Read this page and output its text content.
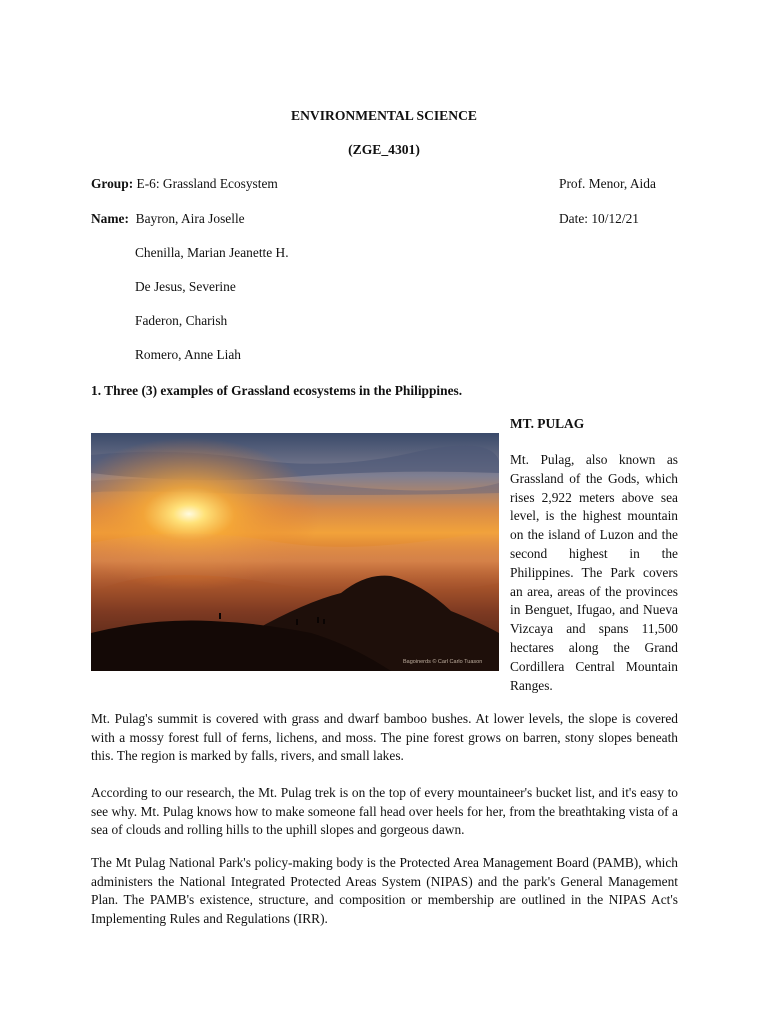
ENVIRONMENTAL SCIENCE
(ZGE_4301)
Group: E-6: Grassland Ecosystem	Prof. Menor, Aida
Name: Bayron, Aira Joselle	Date: 10/12/21
Chenilla, Marian Jeanette H.
De Jesus, Severine
Faderon, Charish
Romero, Anne Liah
1. Three (3) examples of Grassland ecosystems in the Philippines.
MT. PULAG
Bagoinerds © Carl Carlo Tuason
Mt. Pulag, also known as Grassland of the Gods, which rises 2,922 meters above sea level, is the highest mountain on the island of Luzon and the second highest in the Philippines. The Park covers an area, areas of the provinces in Benguet, Ifugao, and Nueva Vizcaya and spans 11,500 hectares along the Grand Cordillera Central Mountain Ranges.
Mt. Pulag's summit is covered with grass and dwarf bamboo bushes. At lower levels, the slope is covered with a mossy forest full of ferns, lichens, and moss. The pine forest grows on barren, stony slopes beneath this. The region is marked by falls, rivers, and small lakes.
According to our research, the Mt. Pulag trek is on the top of every mountaineer's bucket list, and it's easy to see why. Mt. Pulag knows how to make someone fall head over heels for her, from the breathtaking vista of a sea of clouds and rolling hills to the uphill slopes and gorgeous dawn.
The Mt Pulag National Park's policy-making body is the Protected Area Management Board (PAMB), which administers the National Integrated Protected Areas System (NIPAS) and the park's General Management Plan. The PAMB's existence, structure, and composition or membership are outlined in the NIPAS Act's Implementing Rules and Regulations (IRR).
